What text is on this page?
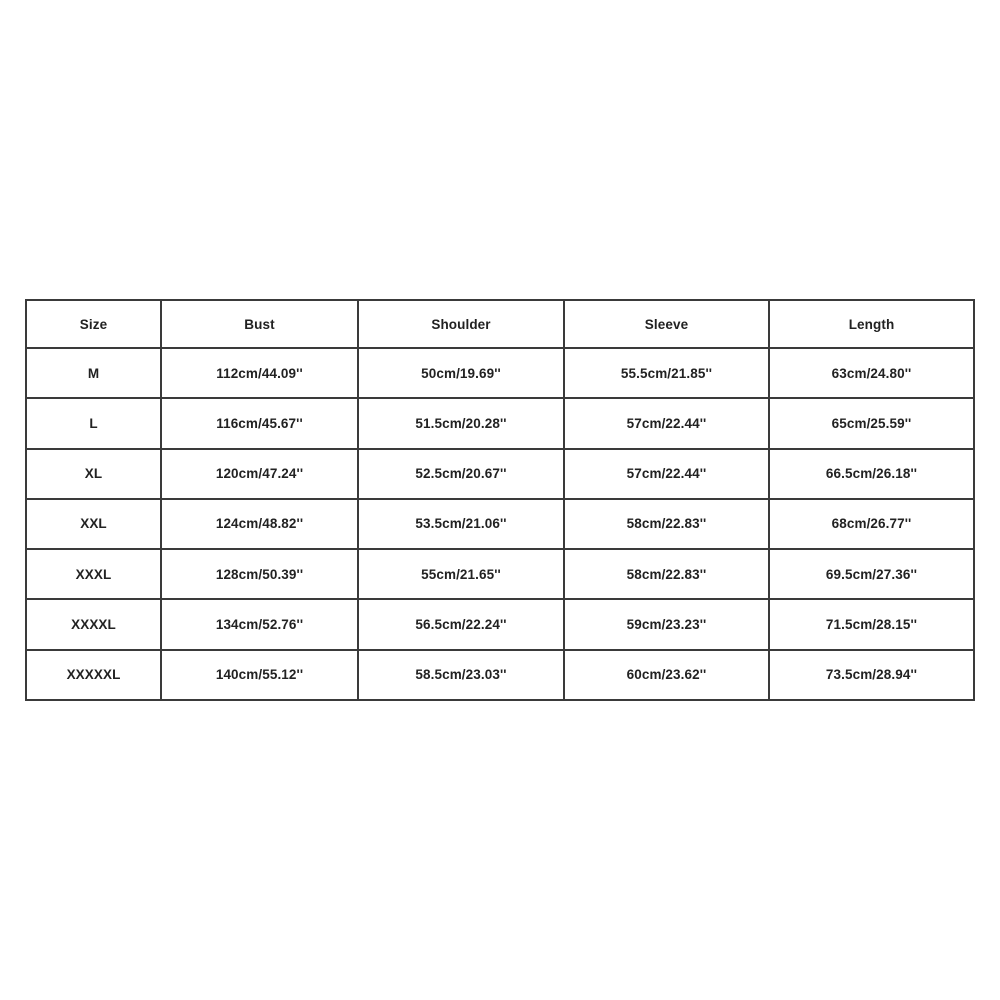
Size	Bust	Shoulder	Sleeve	Length
M	112cm/44.09''	50cm/19.69''	55.5cm/21.85''	63cm/24.80''
L	116cm/45.67''	51.5cm/20.28''	57cm/22.44''	65cm/25.59''
XL	120cm/47.24''	52.5cm/20.67''	57cm/22.44''	66.5cm/26.18''
XXL	124cm/48.82''	53.5cm/21.06''	58cm/22.83''	68cm/26.77''
XXXL	128cm/50.39''	55cm/21.65''	58cm/22.83''	69.5cm/27.36''
XXXXL	134cm/52.76''	56.5cm/22.24''	59cm/23.23''	71.5cm/28.15''
XXXXXL	140cm/55.12''	58.5cm/23.03''	60cm/23.62''	73.5cm/28.94''
